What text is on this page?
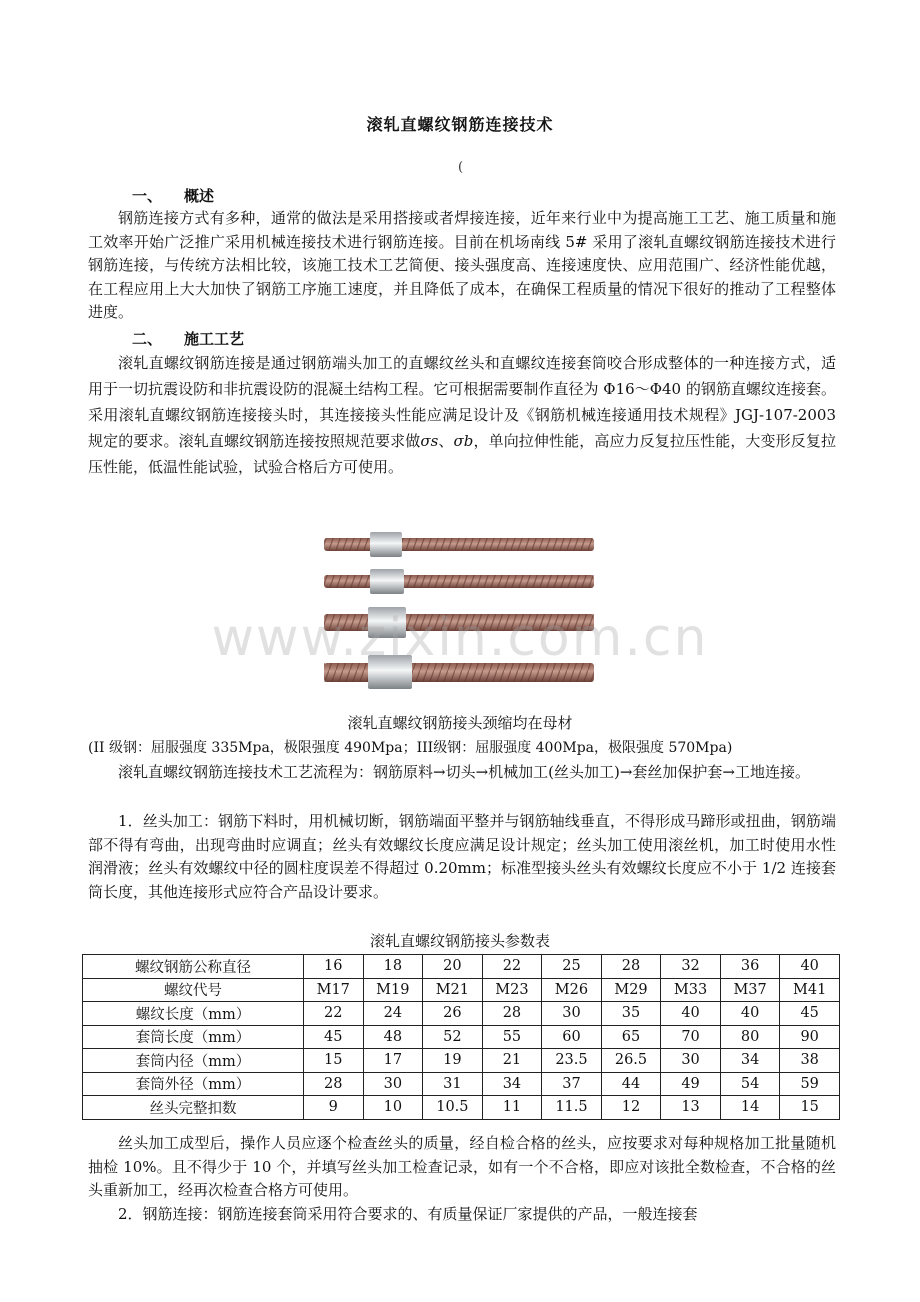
滚轧直螺纹钢筋连接技术
(
一、 概述

钢筋连接方式有多种，通常的做法是采用搭接或者焊接连接，近年来行业中为提高施工工艺、施工质量和施工效率开始广泛推广采用机械连接技术进行钢筋连接。目前在机场南线 5# 采用了滚轧直螺纹钢筋连接技术进行钢筋连接，与传统方法相比较，该施工技术工艺简便、接头强度高、连接速度快、应用范围广、经济性能优越，在工程应用上大大加快了钢筋工序施工速度，并且降低了成本，在确保工程质量的情况下很好的推动了工程整体进度。

二、 施工工艺

滚轧直螺纹钢筋连接是通过钢筋端头加工的直螺纹丝头和直螺纹连接套筒咬合形成整体的一种连接方式，适用于一切抗震设防和非抗震设防的混凝土结构工程。它可根据需要制作直径为 Φ16～Φ40 的钢筋直螺纹连接套。采用滚轧直螺纹钢筋连接接头时，其连接接头性能应满足设计及《钢筋机械连接通用技术规程》JGJ-107-2003 规定的要求。滚轧直螺纹钢筋连接按照规范要求做σs、σb，单向拉伸性能，高应力反复拉压性能，大变形反复拉压性能，低温性能试验，试验合格后方可使用。

www.zixin.com.cn
滚轧直螺纹钢筋接头颈缩均在母材
(II 级钢：屈服强度 335Mpa，极限强度 490Mpa；III级钢：屈服强度 400Mpa，极限强度 570Mpa)

滚轧直螺纹钢筋连接技术工艺流程为：钢筋原料→切头→机械加工(丝头加工)→套丝加保护套→工地连接。

1．丝头加工：钢筋下料时，用机械切断，钢筋端面平整并与钢筋轴线垂直，不得形成马蹄形或扭曲，钢筋端部不得有弯曲，出现弯曲时应调直；丝头有效螺纹长度应满足设计规定；丝头加工使用滚丝机，加工时使用水性润滑液；丝头有效螺纹中径的圆柱度误差不得超过 0.20mm；标准型接头丝头有效螺纹长度应不小于 1/2 连接套筒长度，其他连接形式应符合产品设计要求。

滚轧直螺纹钢筋接头参数表
螺纹钢筋公称直径	16	18	20	22	25	28	32	36	40
螺纹代号	M17	M19	M21	M23	M26	M29	M33	M37	M41
螺纹长度（mm）	22	24	26	28	30	35	40	40	45
套筒长度（mm）	45	48	52	55	60	65	70	80	90
套筒内径（mm）	15	17	19	21	23.5	26.5	30	34	38
套筒外径（mm）	28	30	31	34	37	44	49	54	59
丝头完整扣数	9	10	10.5	11	11.5	12	13	14	15

丝头加工成型后，操作人员应逐个检查丝头的质量，经自检合格的丝头，应按要求对每种规格加工批量随机抽检 10%。且不得少于 10 个，并填写丝头加工检查记录，如有一个不合格，即应对该批全数检查，不合格的丝头重新加工，经再次检查合格方可使用。

2．钢筋连接：钢筋连接套筒采用符合要求的、有质量保证厂家提供的产品，一般连接套
